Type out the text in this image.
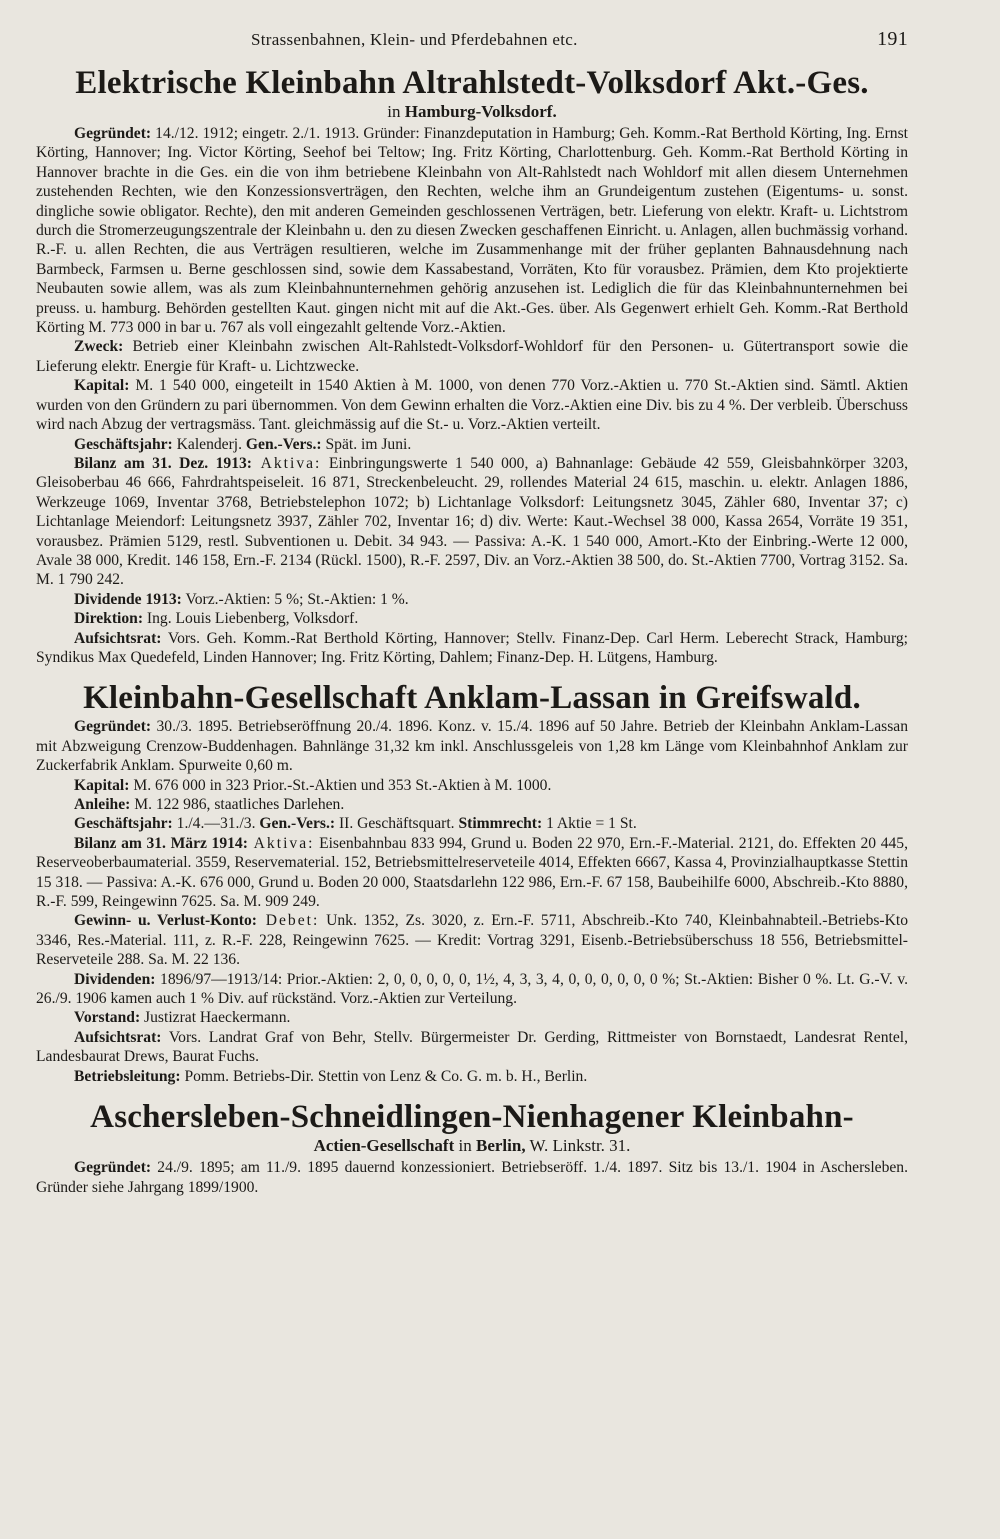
Strassenbahnen, Klein- und Pferdebahnen etc.	191
Elektrische Kleinbahn Altrahlstedt-Volksdorf Akt.-Ges.
in Hamburg-Volksdorf.

Gegründet: 14./12. 1912; eingetr. 2./1. 1913. Gründer: Finanzdeputation in Hamburg; Geh. Komm.-Rat Berthold Körting, Ing. Ernst Körting, Hannover; Ing. Victor Körting, Seehof bei Teltow; Ing. Fritz Körting, Charlottenburg. Geh. Komm.-Rat Berthold Körting in Hannover brachte in die Ges. ein die von ihm betriebene Kleinbahn von Alt-Rahlstedt nach Wohldorf mit allen diesem Unternehmen zustehenden Rechten, wie den Konzessionsverträgen, den Rechten, welche ihm an Grundeigentum zustehen (Eigentums- u. sonst. dingliche sowie obligator. Rechte), den mit anderen Gemeinden geschlossenen Verträgen, betr. Lieferung von elektr. Kraft- u. Lichtstrom durch die Stromerzeugungszentrale der Kleinbahn u. den zu diesen Zwecken geschaffenen Einricht. u. Anlagen, allen buchmässig vorhand. R.-F. u. allen Rechten, die aus Verträgen resultieren, welche im Zusammenhange mit der früher geplanten Bahnausdehnung nach Barmbeck, Farmsen u. Berne geschlossen sind, sowie dem Kassabestand, Vorräten, Kto für vorausbez. Prämien, dem Kto projektierte Neubauten sowie allem, was als zum Kleinbahnunternehmen gehörig anzusehen ist. Lediglich die für das Kleinbahnunternehmen bei preuss. u. hamburg. Behörden gestellten Kaut. gingen nicht mit auf die Akt.-Ges. über. Als Gegenwert erhielt Geh. Komm.-Rat Berthold Körting M. 773 000 in bar u. 767 als voll eingezahlt geltende Vorz.-Aktien.

Zweck: Betrieb einer Kleinbahn zwischen Alt-Rahlstedt-Volksdorf-Wohldorf für den Personen- u. Gütertransport sowie die Lieferung elektr. Energie für Kraft- u. Lichtzwecke.

Kapital: M. 1 540 000, eingeteilt in 1540 Aktien à M. 1000, von denen 770 Vorz.-Aktien u. 770 St.-Aktien sind. Sämtl. Aktien wurden von den Gründern zu pari übernommen. Von dem Gewinn erhalten die Vorz.-Aktien eine Div. bis zu 4 %. Der verbleib. Überschuss wird nach Abzug der vertragsmäss. Tant. gleichmässig auf die St.- u. Vorz.-Aktien verteilt.

Geschäftsjahr: Kalenderj. Gen.-Vers.: Spät. im Juni.

Bilanz am 31. Dez. 1913: Aktiva: Einbringungswerte 1 540 000, a) Bahnanlage: Gebäude 42 559, Gleisbahnkörper 3203, Gleisoberbau 46 666, Fahrdrahtspeiseleit. 16 871, Streckenbeleucht. 29, rollendes Material 24 615, maschin. u. elektr. Anlagen 1886, Werkzeuge 1069, Inventar 3768, Betriebstelephon 1072; b) Lichtanlage Volksdorf: Leitungsnetz 3045, Zähler 680, Inventar 37; c) Lichtanlage Meiendorf: Leitungsnetz 3937, Zähler 702, Inventar 16; d) div. Werte: Kaut.-Wechsel 38 000, Kassa 2654, Vorräte 19 351, vorausbez. Prämien 5129, restl. Subventionen u. Debit. 34 943. — Passiva: A.-K. 1 540 000, Amort.-Kto der Einbring.-Werte 12 000, Avale 38 000, Kredit. 146 158, Ern.-F. 2134 (Rückl. 1500), R.-F. 2597, Div. an Vorz.-Aktien 38 500, do. St.-Aktien 7700, Vortrag 3152. Sa. M. 1 790 242.

Dividende 1913: Vorz.-Aktien: 5 %; St.-Aktien: 1 %.

Direktion: Ing. Louis Liebenberg, Volksdorf.

Aufsichtsrat: Vors. Geh. Komm.-Rat Berthold Körting, Hannover; Stellv. Finanz-Dep. Carl Herm. Leberecht Strack, Hamburg; Syndikus Max Quedefeld, Linden Hannover; Ing. Fritz Körting, Dahlem; Finanz-Dep. H. Lütgens, Hamburg.

Kleinbahn-Gesellschaft Anklam-Lassan in Greifswald.

Gegründet: 30./3. 1895. Betriebseröffnung 20./4. 1896. Konz. v. 15./4. 1896 auf 50 Jahre. Betrieb der Kleinbahn Anklam-Lassan mit Abzweigung Crenzow-Buddenhagen. Bahnlänge 31,32 km inkl. Anschlussgeleis von 1,28 km Länge vom Kleinbahnhof Anklam zur Zuckerfabrik Anklam. Spurweite 0,60 m.

Kapital: M. 676 000 in 323 Prior.-St.-Aktien und 353 St.-Aktien à M. 1000.

Anleihe: M. 122 986, staatliches Darlehen.

Geschäftsjahr: 1./4.—31./3. Gen.-Vers.: II. Geschäftsquart. Stimmrecht: 1 Aktie = 1 St.

Bilanz am 31. März 1914: Aktiva: Eisenbahnbau 833 994, Grund u. Boden 22 970, Ern.-F.-Material. 2121, do. Effekten 20 445, Reserveoberbaumaterial. 3559, Reservematerial. 152, Betriebsmittelreserveteile 4014, Effekten 6667, Kassa 4, Provinzialhauptkasse Stettin 15 318. — Passiva: A.-K. 676 000, Grund u. Boden 20 000, Staatsdarlehn 122 986, Ern.-F. 67 158, Baubeihilfe 6000, Abschreib.-Kto 8880, R.-F. 599, Reingewinn 7625. Sa. M. 909 249.

Gewinn- u. Verlust-Konto: Debet: Unk. 1352, Zs. 3020, z. Ern.-F. 5711, Abschreib.-Kto 740, Kleinbahnabteil.-Betriebs-Kto 3346, Res.-Material. 111, z. R.-F. 228, Reingewinn 7625. — Kredit: Vortrag 3291, Eisenb.-Betriebsüberschuss 18 556, Betriebsmittel-Reserveteile 288. Sa. M. 22 136.

Dividenden: 1896/97—1913/14: Prior.-Aktien: 2, 0, 0, 0, 0, 0, 1½, 4, 3, 3, 4, 0, 0, 0, 0, 0, 0 %; St.-Aktien: Bisher 0 %. Lt. G.-V. v. 26./9. 1906 kamen auch 1 % Div. auf rückständ. Vorz.-Aktien zur Verteilung.

Vorstand: Justizrat Haeckermann.

Aufsichtsrat: Vors. Landrat Graf von Behr, Stellv. Bürgermeister Dr. Gerding, Rittmeister von Bornstaedt, Landesrat Rentel, Landesbaurat Drews, Baurat Fuchs.

Betriebsleitung: Pomm. Betriebs-Dir. Stettin von Lenz & Co. G. m. b. H., Berlin.

Aschersleben-Schneidlingen-Nienhagener Kleinbahn-
Actien-Gesellschaft in Berlin, W. Linkstr. 31.

Gegründet: 24./9. 1895; am 11./9. 1895 dauernd konzessioniert. Betriebseröff. 1./4. 1897. Sitz bis 13./1. 1904 in Aschersleben. Gründer siehe Jahrgang 1899/1900.
